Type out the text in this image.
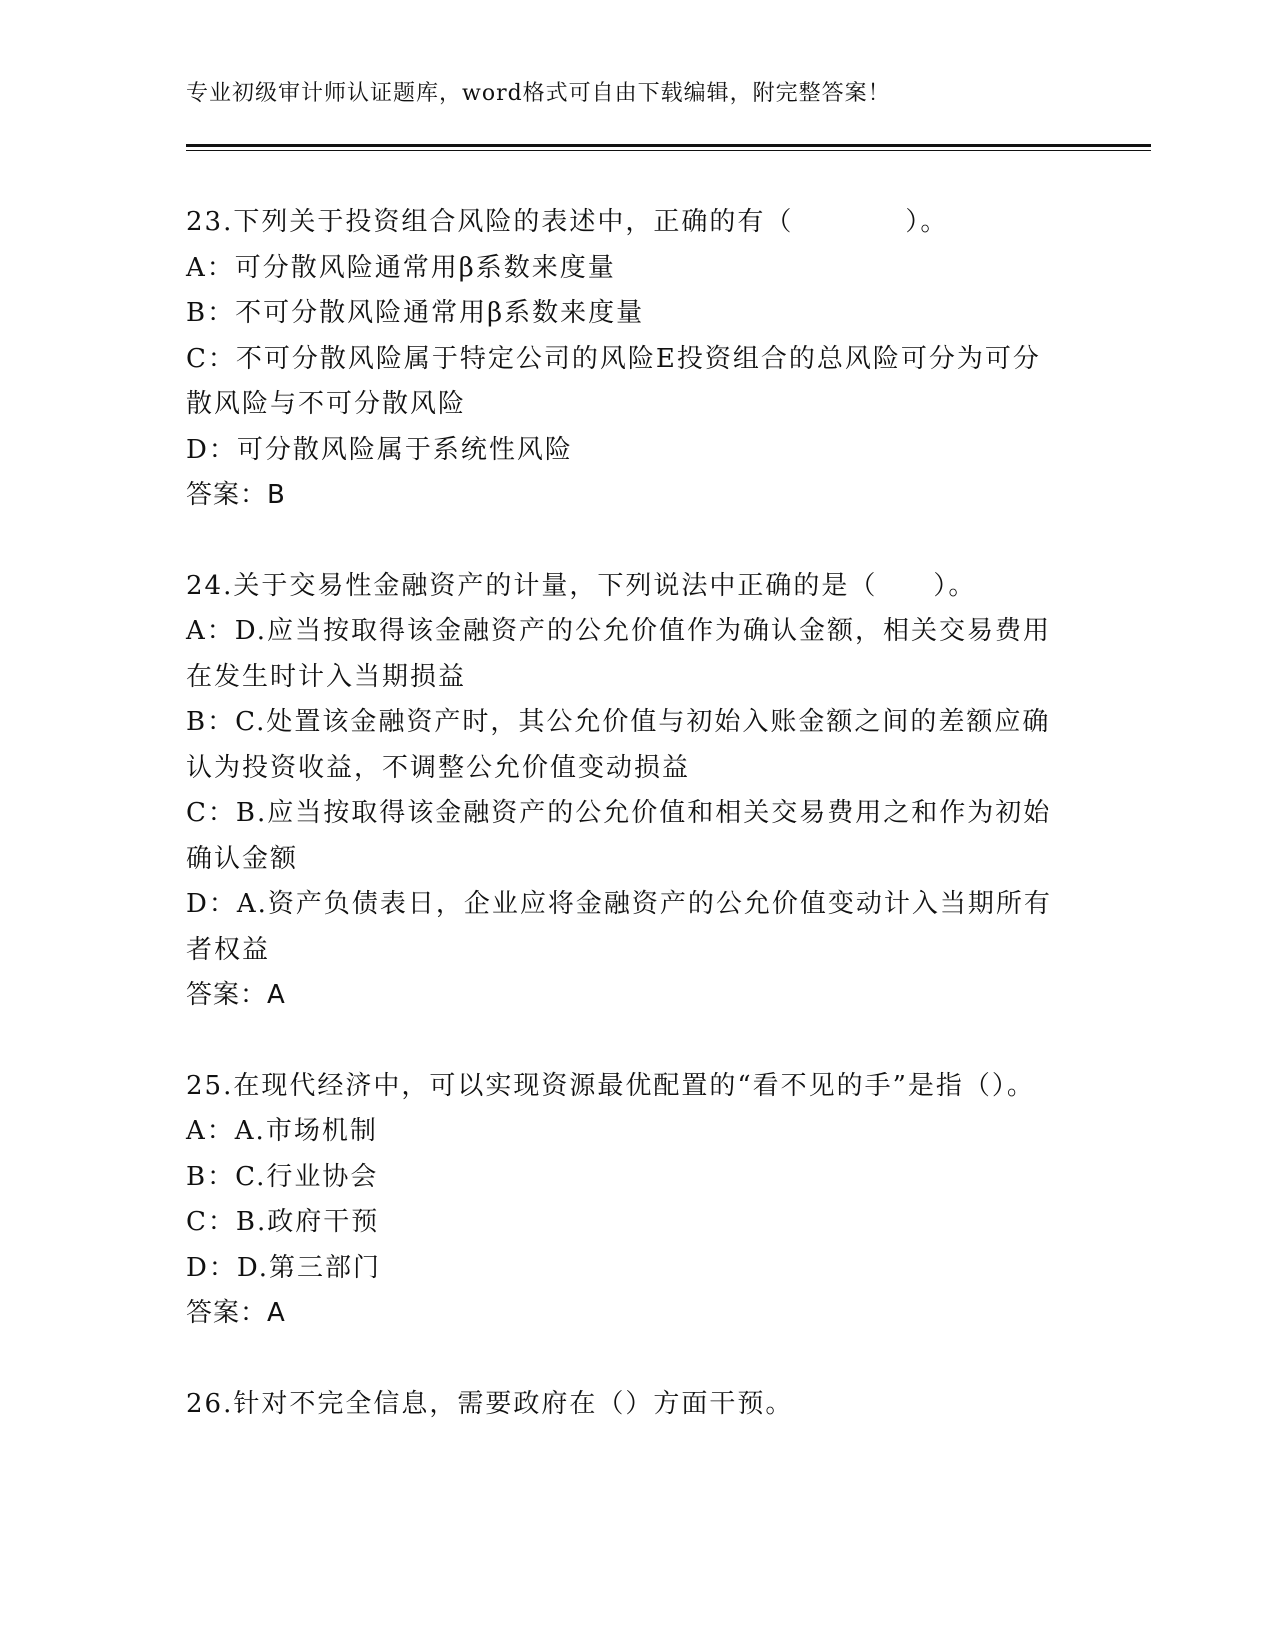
专业初级审计师认证题库，word格式可自由下载编辑，附完整答案！

23.下列关于投资组合风险的表述中，正确的有（　　　　）。

A：可分散风险通常用β系数来度量

B：不可分散风险通常用β系数来度量

C：不可分散风险属于特定公司的风险E投资组合的总风险可分为可分散风险与不可分散风险

D：可分散风险属于系统性风险

答案：B

24.关于交易性金融资产的计量，下列说法中正确的是（　　）。

A：D.应当按取得该金融资产的公允价值作为确认金额，相关交易费用在发生时计入当期损益

B：C.处置该金融资产时，其公允价值与初始入账金额之间的差额应确认为投资收益，不调整公允价值变动损益

C：B.应当按取得该金融资产的公允价值和相关交易费用之和作为初始确认金额

D：A.资产负债表日，企业应将金融资产的公允价值变动计入当期所有者权益

答案：A

25.在现代经济中，可以实现资源最优配置的“看不见的手”是指（）。

A：A.市场机制

B：C.行业协会

C：B.政府干预

D：D.第三部门

答案：A

26.针对不完全信息，需要政府在（）方面干预。
